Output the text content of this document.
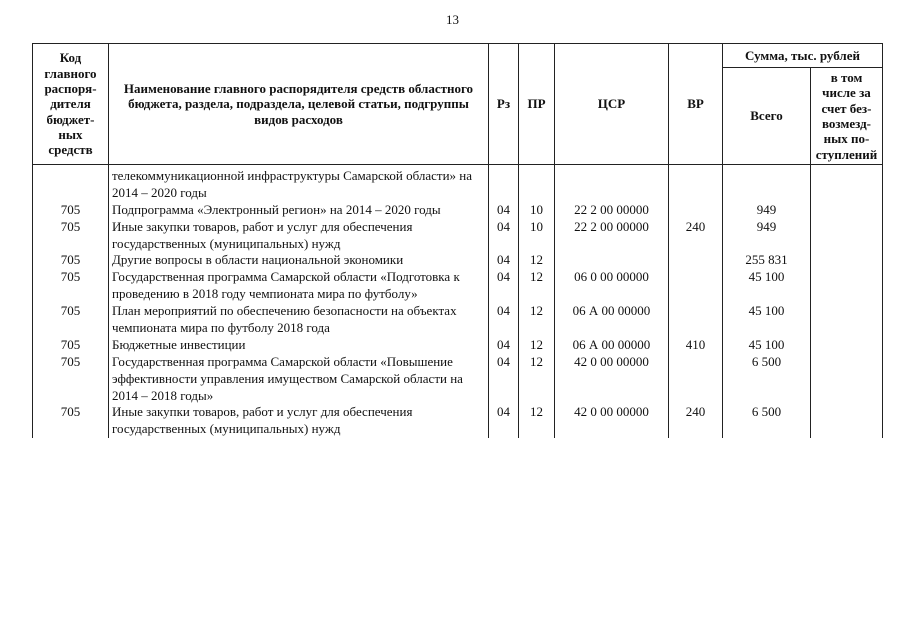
13
Код главного распоря-дителя бюджет-ных средств	Наименование главного распорядителя средств областного бюджета, раздела, подраздела, целевой статьи, подгруппы видов расходов	Рз	ПР	ЦСР	ВР	Сумма, тыс. рублей	
						Всего	в том числе за счет без-возмезд-ных по-ступлений
	телекоммуникационной инфраструктуры Самарской области» на 2014 – 2020 годы						
705	Подпрограмма «Электронный регион» на 2014 – 2020 годы	04	10	22 2 00 00000		949	
705	Иные закупки товаров, работ и услуг для обеспечения государственных (муниципальных) нужд	04	10	22 2 00 00000	240	949	
705	Другие вопросы в области национальной экономики	04	12			255 831	
705	Государственная программа Самарской области «Подготовка к проведению в 2018 году чемпионата мира по футболу»	04	12	06 0 00 00000		45 100	
705	План мероприятий по обеспечению безопасности на объектах чемпионата мира по футболу 2018 года	04	12	06 А 00 00000		45 100	
705	Бюджетные инвестиции	04	12	06 А 00 00000	410	45 100	
705	Государственная программа Самарской области «Повышение эффективности управления имуществом Самарской области на 2014 – 2018 годы»	04	12	42 0 00 00000		6 500	
705	Иные закупки товаров, работ и услуг для обеспечения государственных (муниципальных) нужд	04	12	42 0 00 00000	240	6 500	
